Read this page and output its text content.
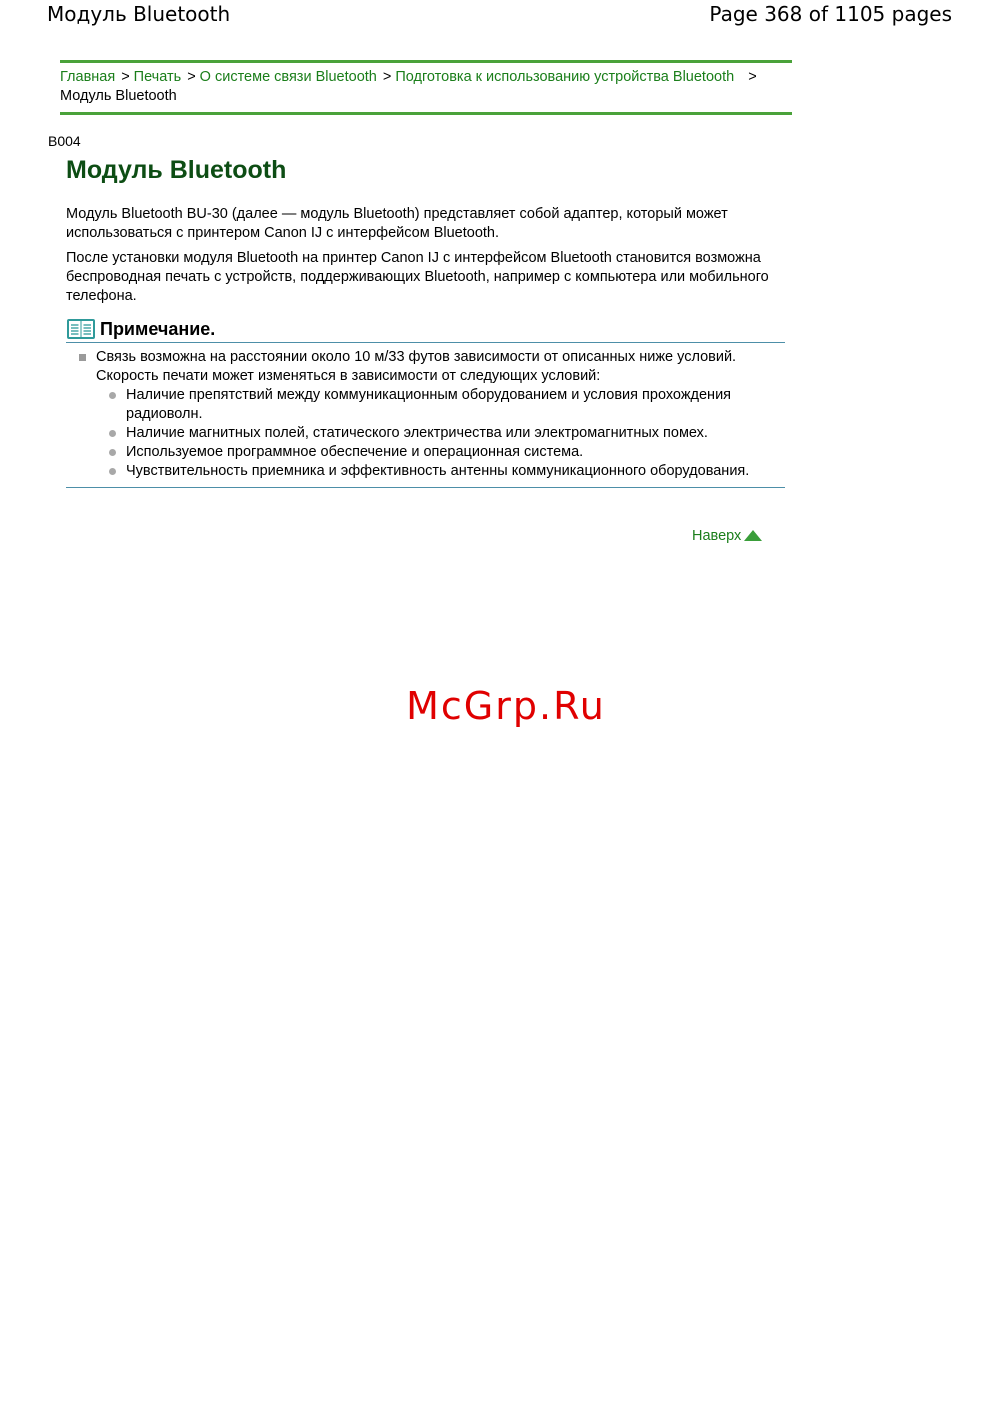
Модуль Bluetooth	Page 368 of 1105 pages
Главная > Печать > О системе связи Bluetooth > Подготовка к использованию устройства Bluetooth >
Модуль Bluetooth
B004
Модуль Bluetooth

Модуль Bluetooth BU-30 (далее — модуль Bluetooth) представляет собой адаптер, который может использоваться с принтером Canon IJ с интерфейсом Bluetooth.

После установки модуля Bluetooth на принтер Canon IJ с интерфейсом Bluetooth становится возможна беспроводная печать с устройств, поддерживающих Bluetooth, например с компьютера или мобильного телефона.

Примечание.
Связь возможна на расстоянии около 10 м/33 футов зависимости от описанных ниже условий.
Скорость печати может изменяться в зависимости от следующих условий:
Наличие препятствий между коммуникационным оборудованием и условия прохождения радиоволн.
Наличие магнитных полей, статического электричества или электромагнитных помех.
Используемое программное обеспечение и операционная система.
Чувствительность приемника и эффективность антенны коммуникационного оборудования.
Наверх
McGrp.Ru
